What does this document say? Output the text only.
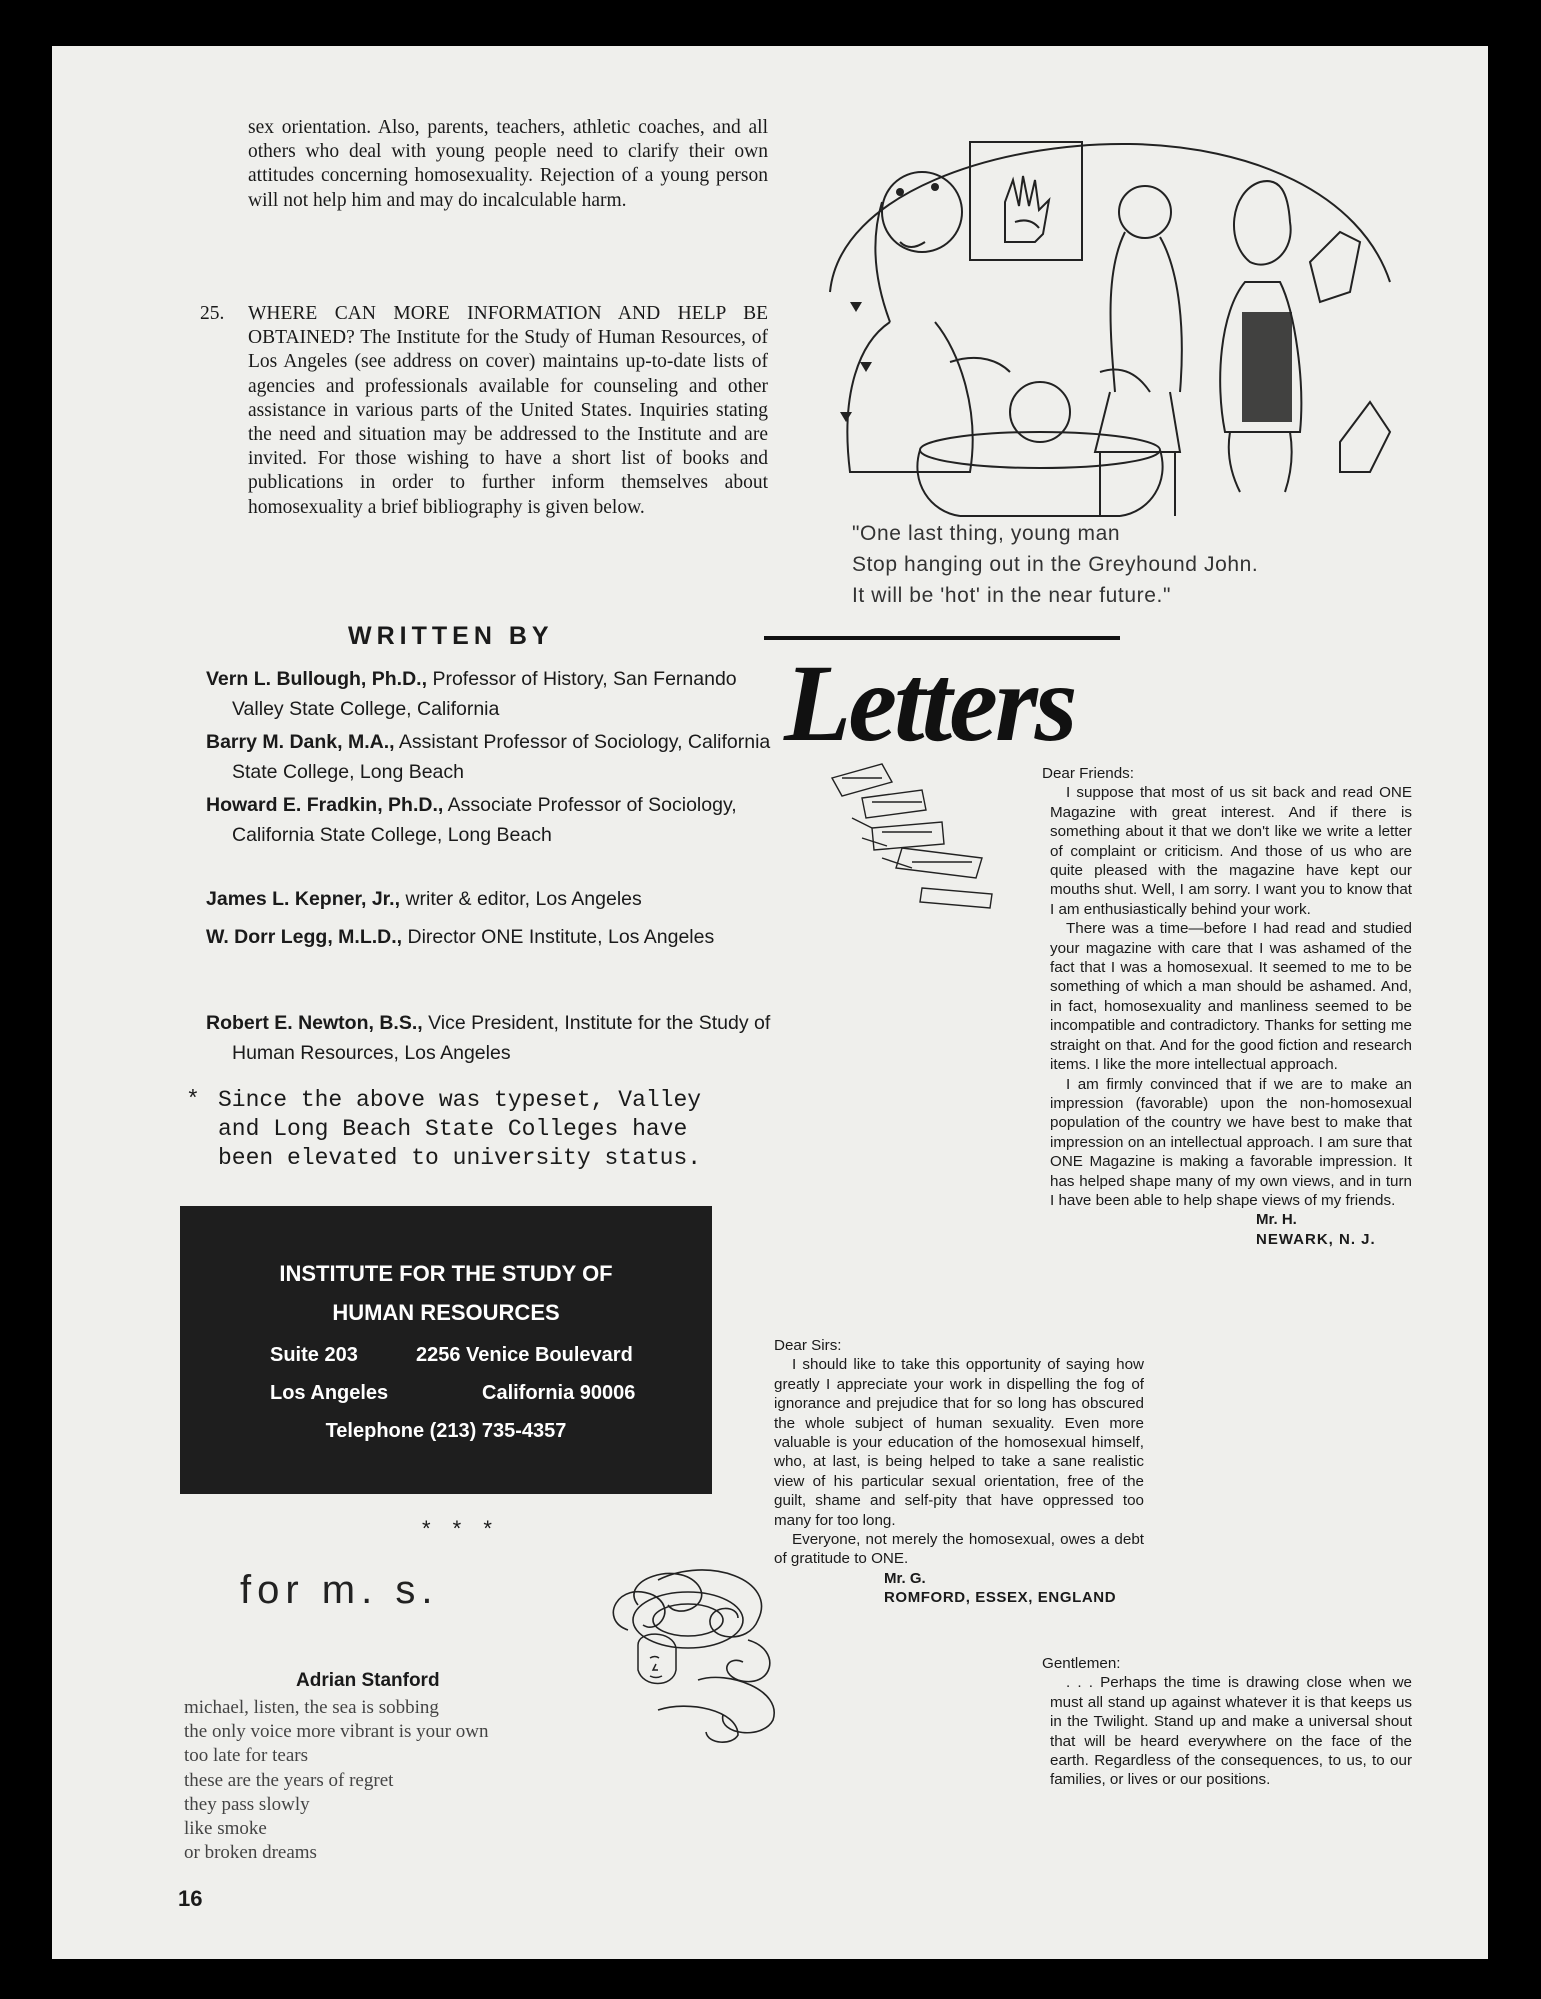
sex orientation. Also, parents, teachers, athletic coaches, and all others who deal with young people need to clarify their own attitudes concerning homosexuality. Rejection of a young person will not help him and may do incalculable harm.

25. WHERE CAN MORE INFORMATION AND HELP BE OBTAINED? The Institute for the Study of Human Resources, of Los Angeles (see address on cover) maintains up-to-date lists of agencies and professionals available for counseling and other assistance in various parts of the United States. Inquiries stating the need and situation may be addressed to the Institute and are invited. For those wishing to have a short list of books and publications in order to further inform themselves about homosexuality a brief bibliography is given below.

WRITTEN BY
Vern L. Bullough, Ph.D., Professor of History, San Fernando Valley State College, California
Barry M. Dank, M.A., Assistant Professor of Sociology, California State College, Long Beach
Howard E. Fradkin, Ph.D., Associate Professor of Sociology, California State College, Long Beach
James L. Kepner, Jr., writer & editor, Los Angeles
W. Dorr Legg, M.L.D., Director ONE Institute, Los Angeles
Robert E. Newton, B.S., Vice President, Institute for the Study of Human Resources, Los Angeles
* Since the above was typeset, Valley
and Long Beach State Colleges have
been elevated to university status.
INSTITUTE FOR THE STUDY OF
HUMAN RESOURCES
Suite 203	2256 Venice Boulevard
Los Angeles	California 90006
Telephone (213) 735-4357
* * *
for m. s.
Adrian Stanford
michael, listen, the sea is sobbing
the only voice more vibrant is your own
too late for tears
these are the years of regret
they pass slowly
like smoke
or broken dreams
16
"One last thing, young man
Stop hanging out in the Greyhound John.
It will be 'hot' in the near future."
Letters
Dear Friends:
I suppose that most of us sit back and read ONE Magazine with great interest. And if there is something about it that we don't like we write a letter of complaint or criticism. And those of us who are quite pleased with the magazine have kept our mouths shut. Well, I am sorry. I want you to know that I am enthusiastically behind your work.
There was a time—before I had read and studied your magazine with care that I was ashamed of the fact that I was a homosexual. It seemed to me to be something of which a man should be ashamed. And, in fact, homosexuality and manliness seemed to be incompatible and contradictory. Thanks for setting me straight on that. And for the good fiction and research items. I like the more intellectual approach.
I am firmly convinced that if we are to make an impression (favorable) upon the non-homosexual population of the country we have best to make that impression on an intellectual approach. I am sure that ONE Magazine is making a favorable impression. It has helped shape many of my own views, and in turn I have been able to help shape views of my friends.
Mr. H.
NEWARK, N. J.
Dear Sirs:
I should like to take this opportunity of saying how greatly I appreciate your work in dispelling the fog of ignorance and prejudice that for so long has obscured the whole subject of human sexuality. Even more valuable is your education of the homosexual himself, who, at last, is being helped to take a sane realistic view of his particular sexual orientation, free of the guilt, shame and self-pity that have oppressed too many for too long.
Everyone, not merely the homosexual, owes a debt of gratitude to ONE.
Mr. G.
ROMFORD, ESSEX, ENGLAND
Gentlemen:
. . . Perhaps the time is drawing close when we must all stand up against whatever it is that keeps us in the Twilight. Stand up and make a universal shout that will be heard everywhere on the face of the earth. Regardless of the consequences, to us, to our families, or lives or our positions.
